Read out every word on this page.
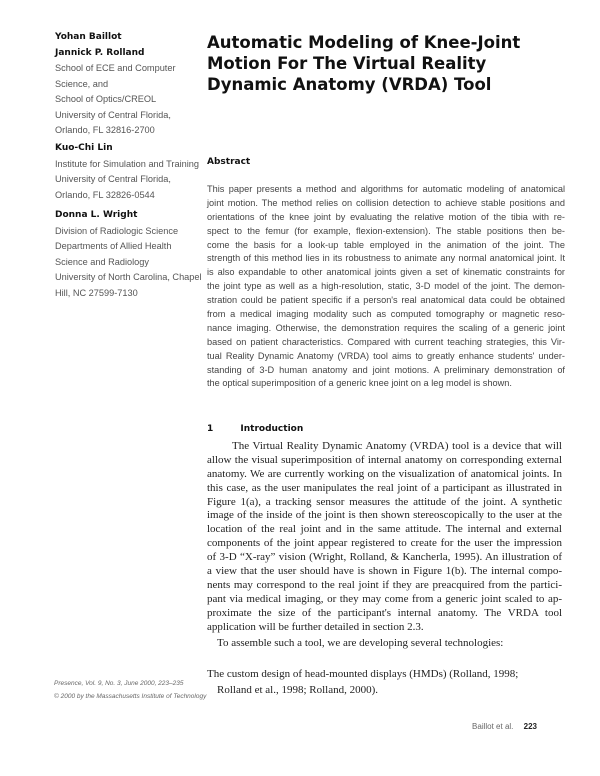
Yohan Baillot
Jannick P. Rolland
School of ECE and Computer
Science, and
School of Optics/CREOL
University of Central Florida,
Orlando, FL 32816-2700
Kuo-Chi Lin
Institute for Simulation and Training
University of Central Florida,
Orlando, FL 32826-0544
Donna L. Wright
Division of Radiologic Science
Departments of Allied Health
Science and Radiology
University of North Carolina, Chapel
Hill, NC 27599-7130
Automatic Modeling of Knee-Joint Motion For The Virtual Reality Dynamic Anatomy (VRDA) Tool
Abstract
This paper presents a method and algorithms for automatic modeling of anatomical
joint motion. The method relies on collision detection to achieve stable positions and
orientations of the knee joint by evaluating the relative motion of the tibia with re-
spect to the femur (for example, flexion-extension). The stable positions then be-
come the basis for a look-up table employed in the animation of the joint. The
strength of this method lies in its robustness to animate any normal anatomical joint. It
is also expandable to other anatomical joints given a set of kinematic constraints for
the joint type as well as a high-resolution, static, 3-D model of the joint. The demon-
stration could be patient specific if a person's real anatomical data could be obtained
from a medical imaging modality such as computed tomography or magnetic reso-
nance imaging. Otherwise, the demonstration requires the scaling of a generic joint
based on patient characteristics. Compared with current teaching strategies, this Vir-
tual Reality Dynamic Anatomy (VRDA) tool aims to greatly enhance students' under-
standing of 3-D human anatomy and joint motions. A preliminary demonstration of
the optical superimposition of a generic knee joint on a leg model is shown.
1	Introduction
The Virtual Reality Dynamic Anatomy (VRDA) tool is a device that will
allow the visual superimposition of internal anatomy on corresponding external
anatomy. We are currently working on the visualization of anatomical joints. In
this case, as the user manipulates the real joint of a participant as illustrated in
Figure 1(a), a tracking sensor measures the attitude of the joint. A synthetic
image of the inside of the joint is then shown stereoscopically to the user at the
location of the real joint and in the same attitude. The internal and external
components of the joint appear registered to create for the user the impression
of 3-D “X-ray” vision (Wright, Rolland, & Kancherla, 1995). An illustration of
a view that the user should have is shown in Figure 1(b). The internal compo-
nents may correspond to the real joint if they are preacquired from the partici-
pant via medical imaging, or they may come from a generic joint scaled to ap-
proximate the size of the participant's internal anatomy. The VRDA tool
application will be further detailed in section 2.3.
To assemble such a tool, we are developing several technologies:
The custom design of head-mounted displays (HMDs) (Rolland, 1998;
Rolland et al., 1998; Rolland, 2000).
Presence, Vol. 9, No. 3, June 2000, 223–235
© 2000 by the Massachusetts Institute of Technology
Baillot et al. 223
